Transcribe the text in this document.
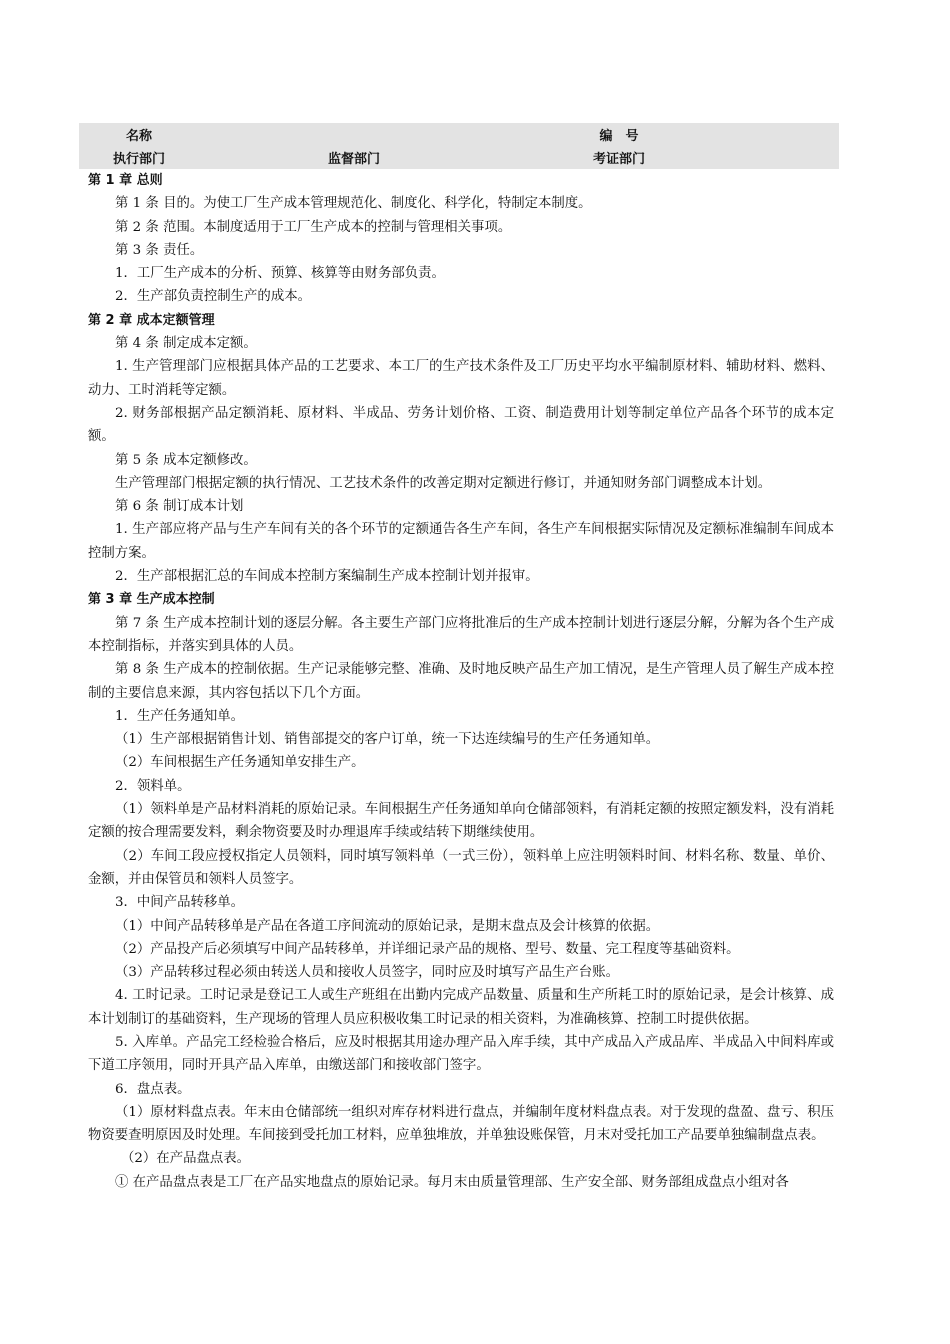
名称		编　号	
执行部门	监督部门	考证部门	

第 1 章 总则

第 1 条 目的。为使工厂生产成本管理规范化、制度化、科学化，特制定本制度。

第 2 条 范围。本制度适用于工厂生产成本的控制与管理相关事项。

第 3 条 责任。

1．工厂生产成本的分析、预算、核算等由财务部负责。

2．生产部负责控制生产的成本。

第 2 章 成本定额管理

第 4 条 制定成本定额。

1. 生产管理部门应根据具体产品的工艺要求、本工厂的生产技术条件及工厂历史平均水平编制原材料、辅助材料、燃料、动力、工时消耗等定额。

2. 财务部根据产品定额消耗、原材料、半成品、劳务计划价格、工资、制造费用计划等制定单位产品各个环节的成本定额。

第 5 条 成本定额修改。

生产管理部门根据定额的执行情况、工艺技术条件的改善定期对定额进行修订，并通知财务部门调整成本计划。

第 6 条 制订成本计划

1. 生产部应将产品与生产车间有关的各个环节的定额通告各生产车间，各生产车间根据实际情况及定额标准编制车间成本控制方案。

2．生产部根据汇总的车间成本控制方案编制生产成本控制计划并报审。

第 3 章 生产成本控制

第 7 条 生产成本控制计划的逐层分解。各主要生产部门应将批准后的生产成本控制计划进行逐层分解，分解为各个生产成本控制指标，并落实到具体的人员。

第 8 条 生产成本的控制依据。生产记录能够完整、准确、及时地反映产品生产加工情况，是生产管理人员了解生产成本控制的主要信息来源，其内容包括以下几个方面。

1．生产任务通知单。

（1）生产部根据销售计划、销售部提交的客户订单，统一下达连续编号的生产任务通知单。

（2）车间根据生产任务通知单安排生产。

2．领料单。

（1）领料单是产品材料消耗的原始记录。车间根据生产任务通知单向仓储部领料，有消耗定额的按照定额发料，没有消耗定额的按合理需要发料，剩余物资要及时办理退库手续或结转下期继续使用。

（2）车间工段应授权指定人员领料，同时填写领料单（一式三份），领料单上应注明领料时间、材料名称、数量、单价、金额，并由保管员和领料人员签字。

3．中间产品转移单。

（1）中间产品转移单是产品在各道工序间流动的原始记录，是期末盘点及会计核算的依据。

（2）产品投产后必须填写中间产品转移单，并详细记录产品的规格、型号、数量、完工程度等基础资料。

（3）产品转移过程必须由转送人员和接收人员签字，同时应及时填写产品生产台账。

4. 工时记录。工时记录是登记工人或生产班组在出勤内完成产品数量、质量和生产所耗工时的原始记录，是会计核算、成本计划制订的基础资料，生产现场的管理人员应积极收集工时记录的相关资料，为准确核算、控制工时提供依据。

5. 入库单。产品完工经检验合格后，应及时根据其用途办理产品入库手续，其中产成品入产成品库、半成品入中间料库或下道工序领用，同时开具产品入库单，由缴送部门和接收部门签字。

6．盘点表。

（1）原材料盘点表。年末由仓储部统一组织对库存材料进行盘点，并编制年度材料盘点表。对于发现的盘盈、盘亏、积压物资要查明原因及时处理。车间接到受托加工材料，应单独堆放，并单独设账保管，月末对受托加工产品要单独编制盘点表。

（2）在产品盘点表。

① 在产品盘点表是工厂在产品实地盘点的原始记录。每月末由质量管理部、生产安全部、财务部组成盘点小组对各
